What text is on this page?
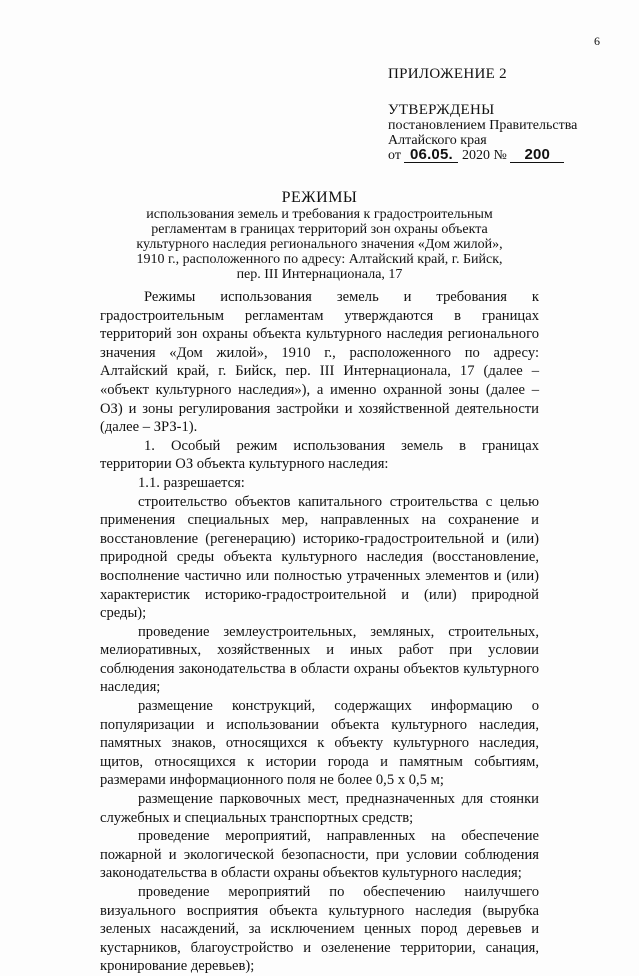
6
ПРИЛОЖЕНИЕ 2
УТВЕРЖДЕНЫ
постановлением Правительства
Алтайского края
от 06.05. 2020 № 200
РЕЖИМЫ
использования земель и требования к градостроительным
регламентам в границах территорий зон охраны объекта
культурного наследия регионального значения «Дом жилой»,
1910 г., расположенного по адресу: Алтайский край, г. Бийск,
пер. III Интернационала, 17

Режимы использования земель и требования к градостроительным регламентам утверждаются в границах территорий зон охраны объекта культурного наследия регионального значения «Дом жилой», 1910 г., расположенного по адресу: Алтайский край, г. Бийск, пер. III Интернационала, 17 (далее – «объект культурного наследия»), а именно охранной зоны (далее – ОЗ) и зоны регулирования застройки и хозяйственной деятельности (далее – ЗРЗ-1).

1. Особый режим использования земель в границах территории ОЗ объекта культурного наследия:

1.1. разрешается:

строительство объектов капитального строительства с целью применения специальных мер, направленных на сохранение и восстановление (регенерацию) историко-градостроительной и (или) природной среды объекта культурного наследия (восстановление, восполнение частично или полностью утраченных элементов и (или) характеристик историко-градостроительной и (или) природной среды);

проведение землеустроительных, земляных, строительных, мелиоративных, хозяйственных и иных работ при условии соблюдения законодательства в области охраны объектов культурного наследия;

размещение конструкций, содержащих информацию о популяризации и использовании объекта культурного наследия, памятных знаков, относящихся к объекту культурного наследия, щитов, относящихся к истории города и памятным событиям, размерами информационного поля не более 0,5 х 0,5 м;

размещение парковочных мест, предназначенных для стоянки служебных и специальных транспортных средств;

проведение мероприятий, направленных на обеспечение пожарной и экологической безопасности, при условии соблюдения законодательства в области охраны объектов культурного наследия;

проведение мероприятий по обеспечению наилучшего визуального восприятия объекта культурного наследия (вырубка зеленых насаждений, за исключением ценных пород деревьев и кустарников, благоустройство и озеленение территории, санация, кронирование деревьев);
